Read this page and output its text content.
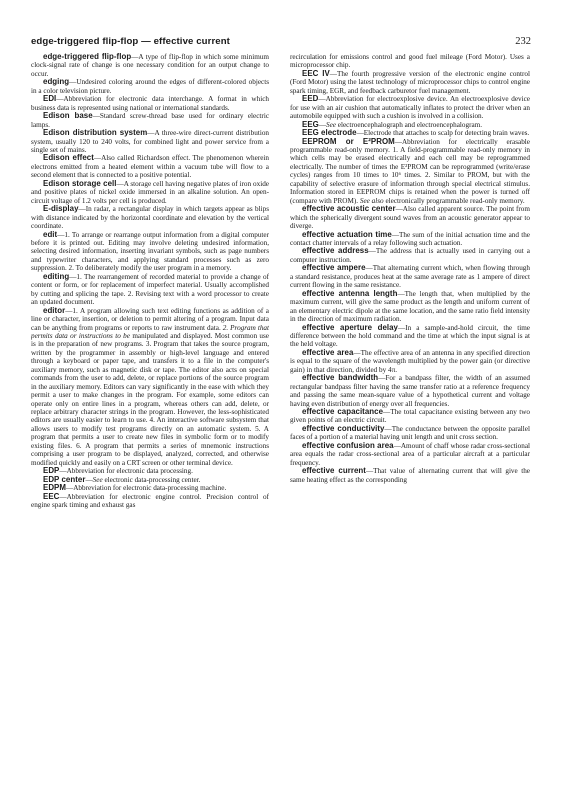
edge-triggered flip-flop — effective current	232

edge-triggered flip-flop—A type of flip-flop in which some minimum clock-signal rate of change is one necessary condition for an output change to occur.

edging—Undesired coloring around the edges of different-colored objects in a color television picture.

EDI—Abbreviation for electronic data interchange. A format in which business data is represented using national or international standards.

Edison base—Standard screw-thread base used for ordinary electric lamps.

Edison distribution system—A three-wire direct-current distribution system, usually 120 to 240 volts, for combined light and power service from a single set of mains.

Edison effect—Also called Richardson effect. The phenomenon wherein electrons emitted from a heated element within a vacuum tube will flow to a second element that is connected to a positive potential.

Edison storage cell—A storage cell having negative plates of iron oxide and positive plates of nickel oxide immersed in an alkaline solution. An open-circuit voltage of 1.2 volts per cell is produced.

E-display—In radar, a rectangular display in which targets appear as blips with distance indicated by the horizontal coordinate and elevation by the vertical coordinate.

edit—1. To arrange or rearrange output information from a digital computer before it is printed out. Editing may involve deleting undesired information, selecting desired information, inserting invariant symbols, such as page numbers and typewriter characters, and applying standard processes such as zero suppression. 2. To deliberately modify the user program in a memory.

editing—1. The rearrangement of recorded material to provide a change of content or form, or for replacement of imperfect material. Usually accomplished by cutting and splicing the tape. 2. Revising text with a word processor to create an updated document.

editor—1. A program allowing such text editing functions as addition of a line or character, insertion, or deletion to permit altering of a program. Input data can be anything from programs or reports to raw instrument data. 2. Program that permits data or instructions to be manipulated and displayed. Most common use is in the preparation of new programs. 3. Program that takes the source program, written by the programmer in assembly or high-level language and entered through a keyboard or paper tape, and transfers it to a file in the computer's auxiliary memory, such as magnetic disk or tape. The editor also acts on special commands from the user to add, delete, or replace portions of the source program in the auxiliary memory. Editors can vary significantly in the ease with which they permit a user to make changes in the program. For example, some editors can operate only on entire lines in a program, whereas others can add, delete, or replace arbitrary character strings in the program. However, the less-sophisticated editors are usually easier to learn to use. 4. An interactive software subsystem that allows users to modify test programs directly on an automatic system. 5. A program that permits a user to create new files in symbolic form or to modify existing files. 6. A program that permits a series of mnemonic instructions comprising a user program to be displayed, analyzed, corrected, and otherwise modified quickly and easily on a CRT screen or other terminal device.

EDP—Abbreviation for electronic data processing.

EDP center—See electronic data-processing center.

EDPM—Abbreviation for electronic data-processing machine.

EEC—Abbreviation for electronic engine control. Precision control of engine spark timing and exhaust gas

recirculation for emissions control and good fuel mileage (Ford Motor). Uses a microprocessor chip.

EEC IV—The fourth progressive version of the electronic engine control (Ford Motor) using the latest technology of microprocessor chips to control engine spark timing, EGR, and feedback carburetor fuel management.

EED—Abbreviation for electroexplosive device. An electroexplosive device for use with an air cushion that automatically inflates to protect the driver when an automobile equipped with such a cushion is involved in a collision.

EEG—See electroencephalograph and electroencephalogram.

EEG electrode—Electrode that attaches to scalp for detecting brain waves.

EEPROM or E²PROM—Abbreviation for electrically erasable programmable read-only memory. 1. A field-programmable read-only memory in which cells may be erased electrically and each cell may be reprogrammed electrically. The number of times the E²PROM can be reprogrammed (write/erase cycles) ranges from 10 times to 10⁶ times. 2. Similar to PROM, but with the capability of selective erasure of information through special electrical stimulus. Information stored in EEPROM chips is retained when the power is turned off (compare with PROM). See also electronically programmable read-only memory.

effective acoustic center—Also called apparent source. The point from which the spherically divergent sound waves from an acoustic generator appear to diverge.

effective actuation time—The sum of the initial actuation time and the contact chatter intervals of a relay following such actuation.

effective address—The address that is actually used in carrying out a computer instruction.

effective ampere—That alternating current which, when flowing through a standard resistance, produces heat at the same average rate as 1 ampere of direct current flowing in the same resistance.

effective antenna length—The length that, when multiplied by the maximum current, will give the same product as the length and uniform current of an elementary electric dipole at the same location, and the same ratio field intensity in the direction of maximum radiation.

effective aperture delay—In a sample-and-hold circuit, the time difference between the hold command and the time at which the input signal is at the held voltage.

effective area—The effective area of an antenna in any specified direction is equal to the square of the wavelength multiplied by the power gain (or directive gain) in that direction, divided by 4π.

effective bandwidth—For a bandpass filter, the width of an assumed rectangular bandpass filter having the same transfer ratio at a reference frequency and passing the same mean-square value of a hypothetical current and voltage having even distribution of energy over all frequencies.

effective capacitance—The total capacitance existing between any two given points of an electric circuit.

effective conductivity—The conductance between the opposite parallel faces of a portion of a material having unit length and unit cross section.

effective confusion area—Amount of chaff whose radar cross-sectional area equals the radar cross-sectional area of a particular aircraft at a particular frequency.

effective current—That value of alternating current that will give the same heating effect as the corresponding
